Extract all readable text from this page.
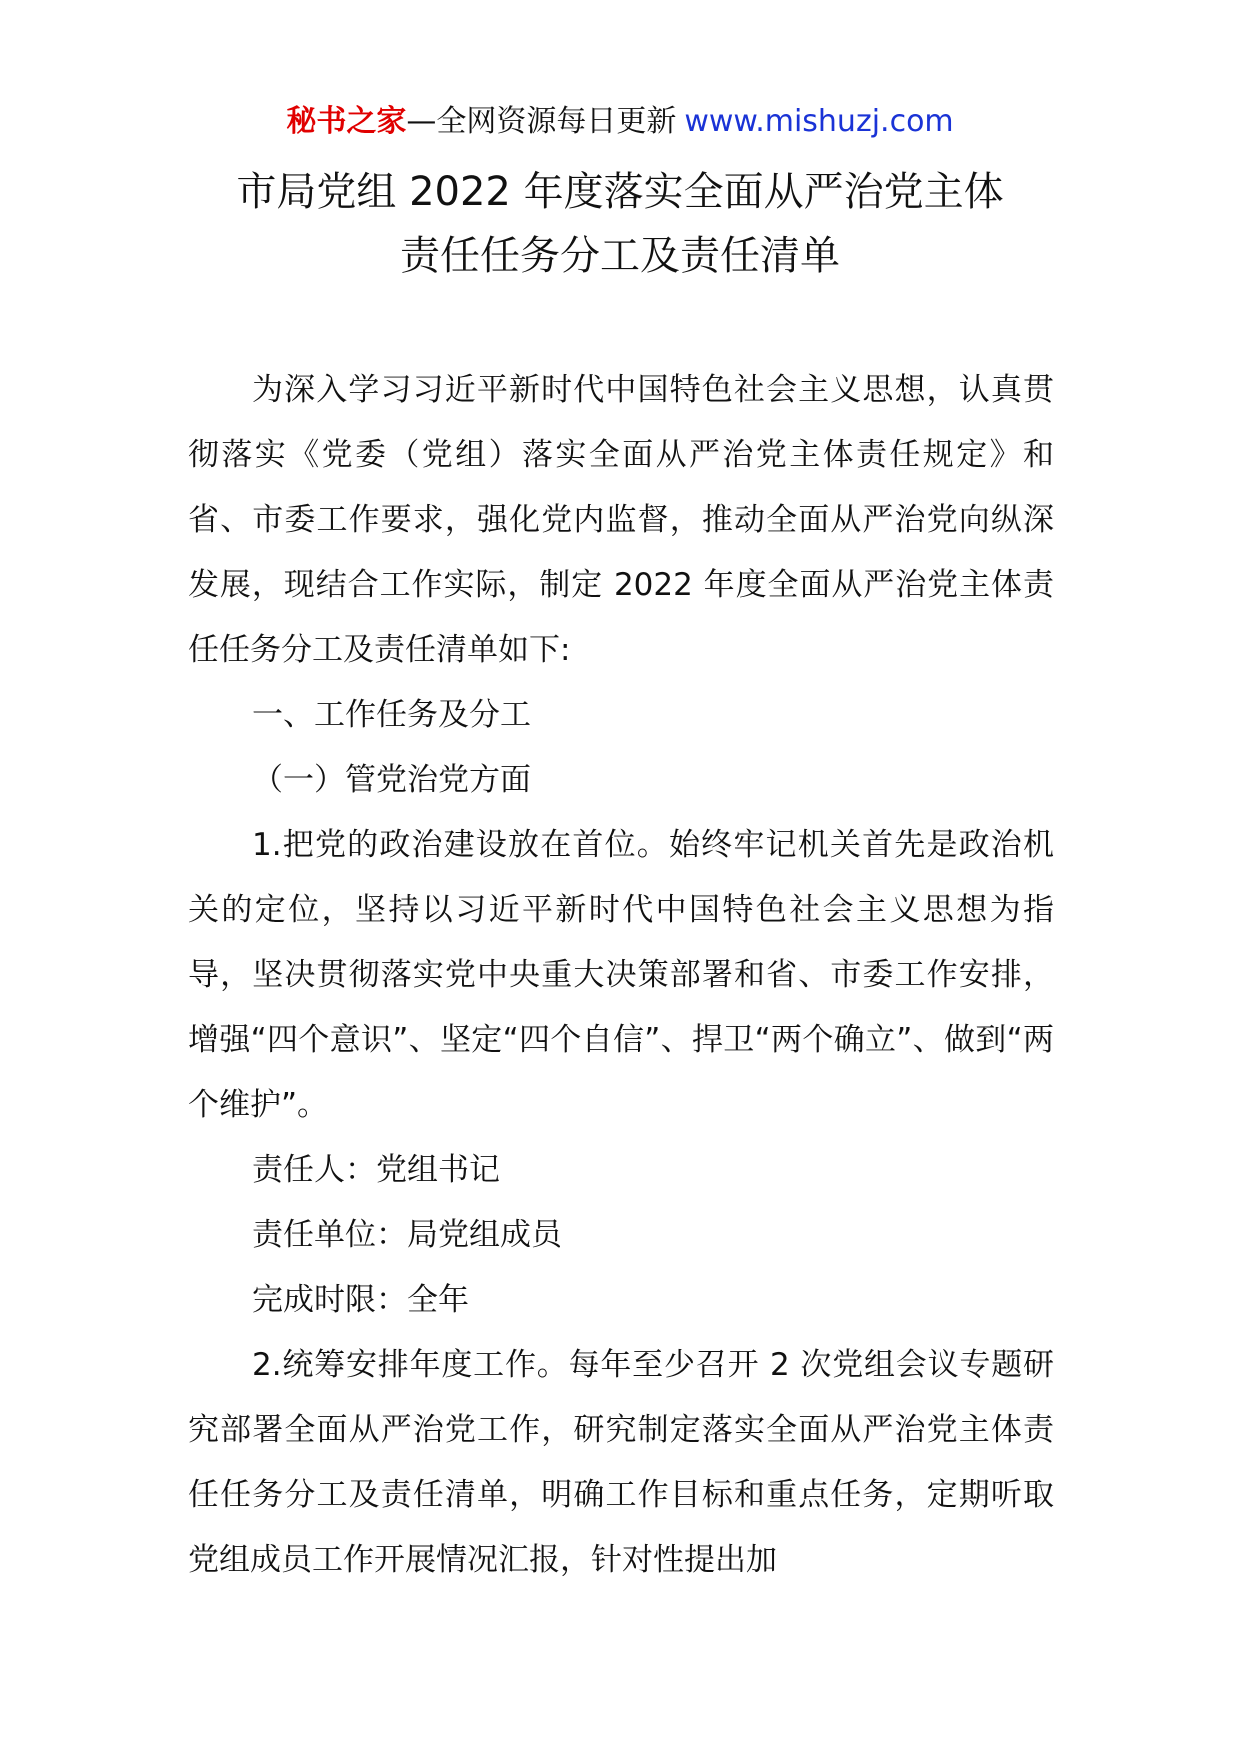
秘书之家—全网资源每日更新 www.mishuzj.com
市局党组 2022 年度落实全面从严治党主体
责任任务分工及责任清单

为深入学习习近平新时代中国特色社会主义思想，认真贯彻落实《党委（党组）落实全面从严治党主体责任规定》和省、市委工作要求，强化党内监督，推动全面从严治党向纵深发展，现结合工作实际，制定 2022 年度全面从严治党主体责任任务分工及责任清单如下:

一、工作任务及分工

（一）管党治党方面

1.把党的政治建设放在首位。始终牢记机关首先是政治机关的定位，坚持以习近平新时代中国特色社会主义思想为指导，坚决贯彻落实党中央重大决策部署和省、市委工作安排，增强“四个意识”、坚定“四个自信”、捍卫“两个确立”、做到“两个维护”。

责任人：党组书记

责任单位：局党组成员

完成时限：全年

2.统筹安排年度工作。每年至少召开 2 次党组会议专题研究部署全面从严治党工作，研究制定落实全面从严治党主体责任任务分工及责任清单，明确工作目标和重点任务，定期听取党组成员工作开展情况汇报，针对性提出加
